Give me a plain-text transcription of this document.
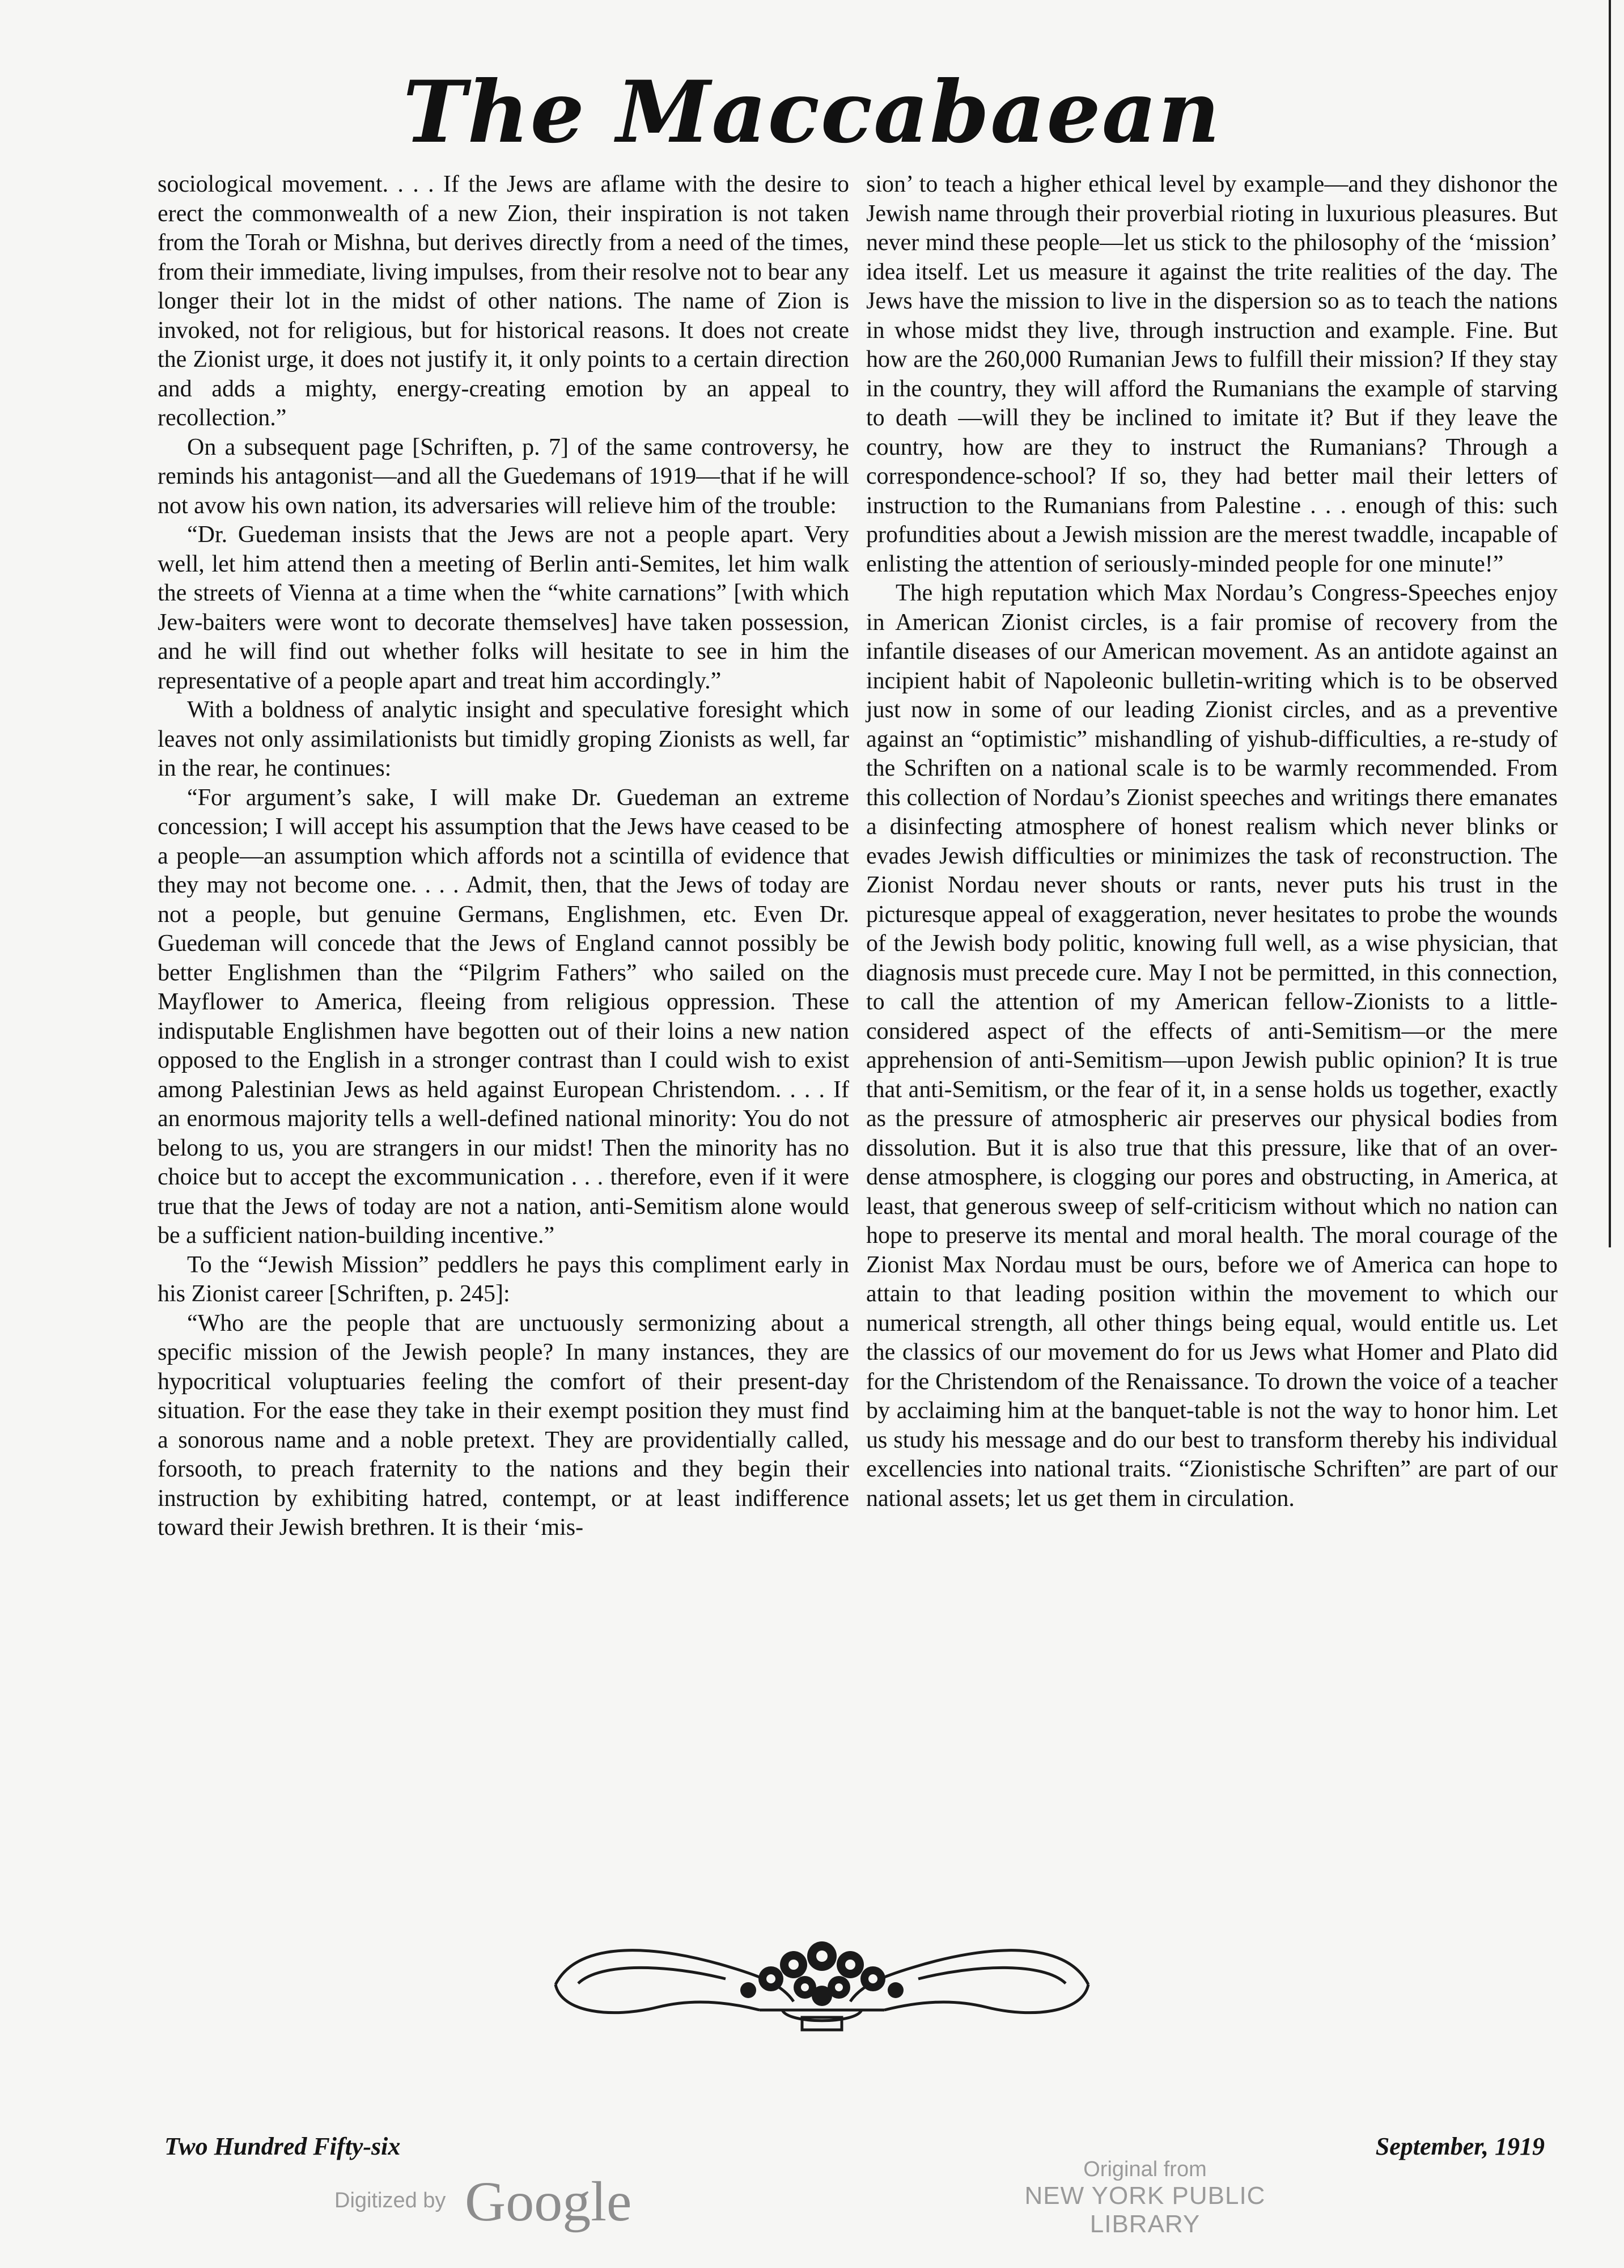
The Maccabaean

sociological movement. . . . If the Jews are aflame with the desire to erect the commonwealth of a new Zion, their inspiration is not taken from the Torah or Mishna, but derives directly from a need of the times, from their immediate, living impulses, from their resolve not to bear any longer their lot in the midst of other nations. The name of Zion is invoked, not for religious, but for historical reasons. It does not create the Zionist urge, it does not justify it, it only points to a certain direction and adds a mighty, energy-creating emotion by an appeal to recollection.”

On a subsequent page [Schriften, p. 7] of the same controversy, he reminds his antagonist—and all the Guedemans of 1919—that if he will not avow his own nation, its adversaries will relieve him of the trouble:

“Dr. Guedeman insists that the Jews are not a people apart. Very well, let him attend then a meeting of Berlin anti-Semites, let him walk the streets of Vienna at a time when the “white carnations” [with which Jew-baiters were wont to decorate themselves] have taken possession, and he will find out whether folks will hesitate to see in him the representative of a people apart and treat him accordingly.”

With a boldness of analytic insight and speculative foresight which leaves not only assimilationists but timidly groping Zionists as well, far in the rear, he continues:

“For argument’s sake, I will make Dr. Guedeman an extreme concession; I will accept his assumption that the Jews have ceased to be a people—an assumption which affords not a scintilla of evidence that they may not become one. . . . Admit, then, that the Jews of today are not a people, but genuine Germans, Englishmen, etc. Even Dr. Guedeman will concede that the Jews of England cannot possibly be better Englishmen than the “Pilgrim Fathers” who sailed on the Mayflower to America, fleeing from religious oppression. These indisputable Englishmen have begotten out of their loins a new nation opposed to the English in a stronger contrast than I could wish to exist among Palestinian Jews as held against European Christendom. . . . If an enormous majority tells a well-defined national minority: You do not belong to us, you are strangers in our midst! Then the minority has no choice but to accept the excommunication . . . therefore, even if it were true that the Jews of today are not a nation, anti-Semitism alone would be a sufficient nation-building incentive.”

To the “Jewish Mission” peddlers he pays this compliment early in his Zionist career [Schriften, p. 245]:

“Who are the people that are unctuously sermonizing about a specific mission of the Jewish people? In many instances, they are hypocritical voluptuaries feeling the comfort of their present-day situation. For the ease they take in their exempt position they must find a sonorous name and a noble pretext. They are providentially called, forsooth, to preach fraternity to the nations and they begin their instruction by exhibiting hatred, contempt, or at least indifference toward their Jewish brethren. It is their ‘mis-

sion’ to teach a higher ethical level by example—and they dishonor the Jewish name through their proverbial rioting in luxurious pleasures. But never mind these people—let us stick to the philosophy of the ‘mission’ idea itself. Let us measure it against the trite realities of the day. The Jews have the mission to live in the dispersion so as to teach the nations in whose midst they live, through instruction and example. Fine. But how are the 260,000 Rumanian Jews to fulfill their mission? If they stay in the country, they will afford the Rumanians the example of starving to death —will they be inclined to imitate it? But if they leave the country, how are they to instruct the Rumanians? Through a correspondence-school? If so, they had better mail their letters of instruction to the Rumanians from Palestine . . . enough of this: such profundities about a Jewish mission are the merest twaddle, incapable of enlisting the attention of seriously-minded people for one minute!”

The high reputation which Max Nordau’s Congress-Speeches enjoy in American Zionist circles, is a fair promise of recovery from the infantile diseases of our American movement. As an antidote against an incipient habit of Napoleonic bulletin-writing which is to be observed just now in some of our leading Zionist circles, and as a preventive against an “optimistic” mishandling of yishub-difficulties, a re-study of the Schriften on a national scale is to be warmly recommended. From this collection of Nordau’s Zionist speeches and writings there emanates a disinfecting atmosphere of honest realism which never blinks or evades Jewish difficulties or minimizes the task of reconstruction. The Zionist Nordau never shouts or rants, never puts his trust in the picturesque appeal of exaggeration, never hesitates to probe the wounds of the Jewish body politic, knowing full well, as a wise physician, that diagnosis must precede cure. May I not be permitted, in this connection, to call the attention of my American fellow-Zionists to a little-considered aspect of the effects of anti-Semitism—or the mere apprehension of anti-Semitism—upon Jewish public opinion? It is true that anti-Semitism, or the fear of it, in a sense holds us together, exactly as the pressure of atmospheric air preserves our physical bodies from dissolution. But it is also true that this pressure, like that of an over-dense atmosphere, is clogging our pores and obstructing, in America, at least, that generous sweep of self-criticism without which no nation can hope to preserve its mental and moral health. The moral courage of the Zionist Max Nordau must be ours, before we of America can hope to attain to that leading position within the movement to which our numerical strength, all other things being equal, would entitle us. Let the classics of our movement do for us Jews what Homer and Plato did for the Christendom of the Renaissance. To drown the voice of a teacher by acclaiming him at the banquet-table is not the way to honor him. Let us study his message and do our best to transform thereby his individual excellencies into national traits. “Zionistische Schriften” are part of our national assets; let us get them in circulation.

Two Hundred Fifty-six	September, 1919
Digitized by Google
Original from
NEW YORK PUBLIC LIBRARY
